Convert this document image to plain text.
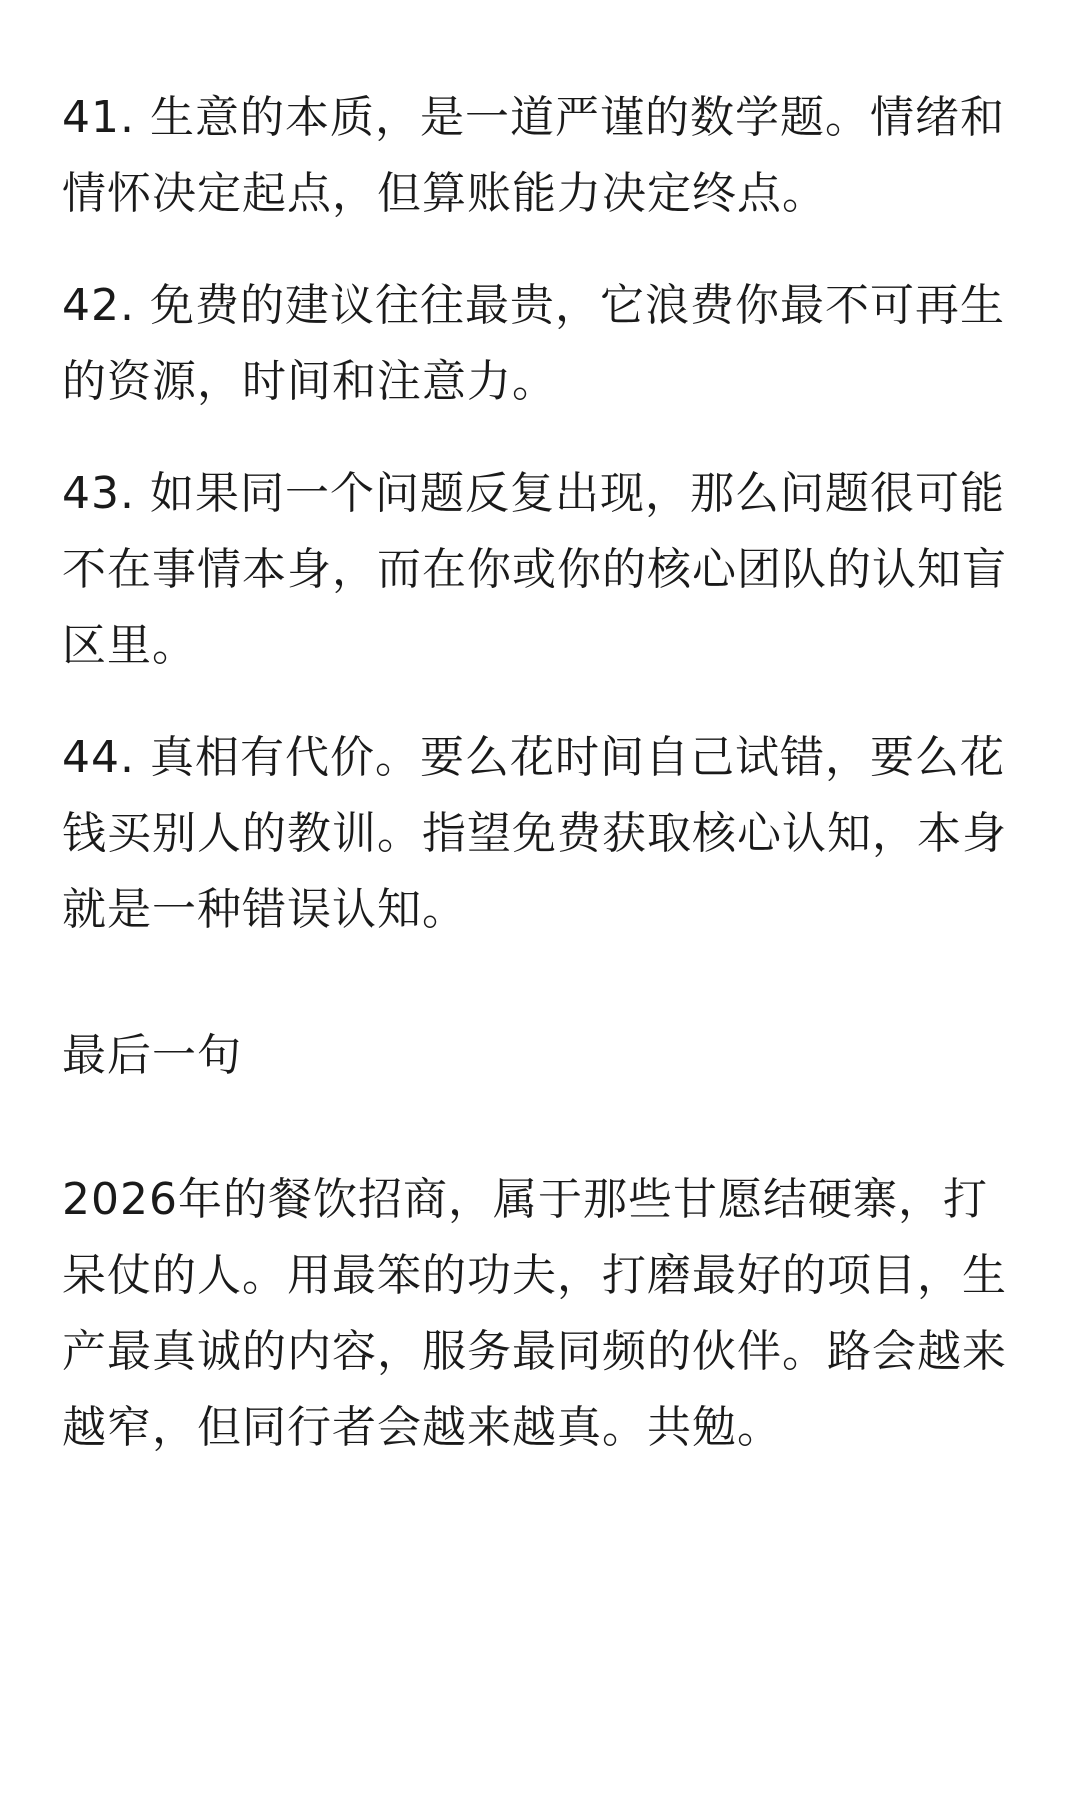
41. 生意的本质，是一道严谨的数学题。情绪和情怀决定起点，但算账能力决定终点。

42. 免费的建议往往最贵，它浪费你最不可再生的资源，时间和注意力。

43. 如果同一个问题反复出现，那么问题很可能不在事情本身，而在你或你的核心团队的认知盲区里。

44. 真相有代价。要么花时间自己试错，要么花钱买别人的教训。指望免费获取核心认知，本身就是一种错误认知。

最后一句

2026年的餐饮招商，属于那些甘愿结硬寨，打呆仗的人。用最笨的功夫，打磨最好的项目，生产最真诚的内容，服务最同频的伙伴。路会越来越窄，但同行者会越来越真。共勉。
